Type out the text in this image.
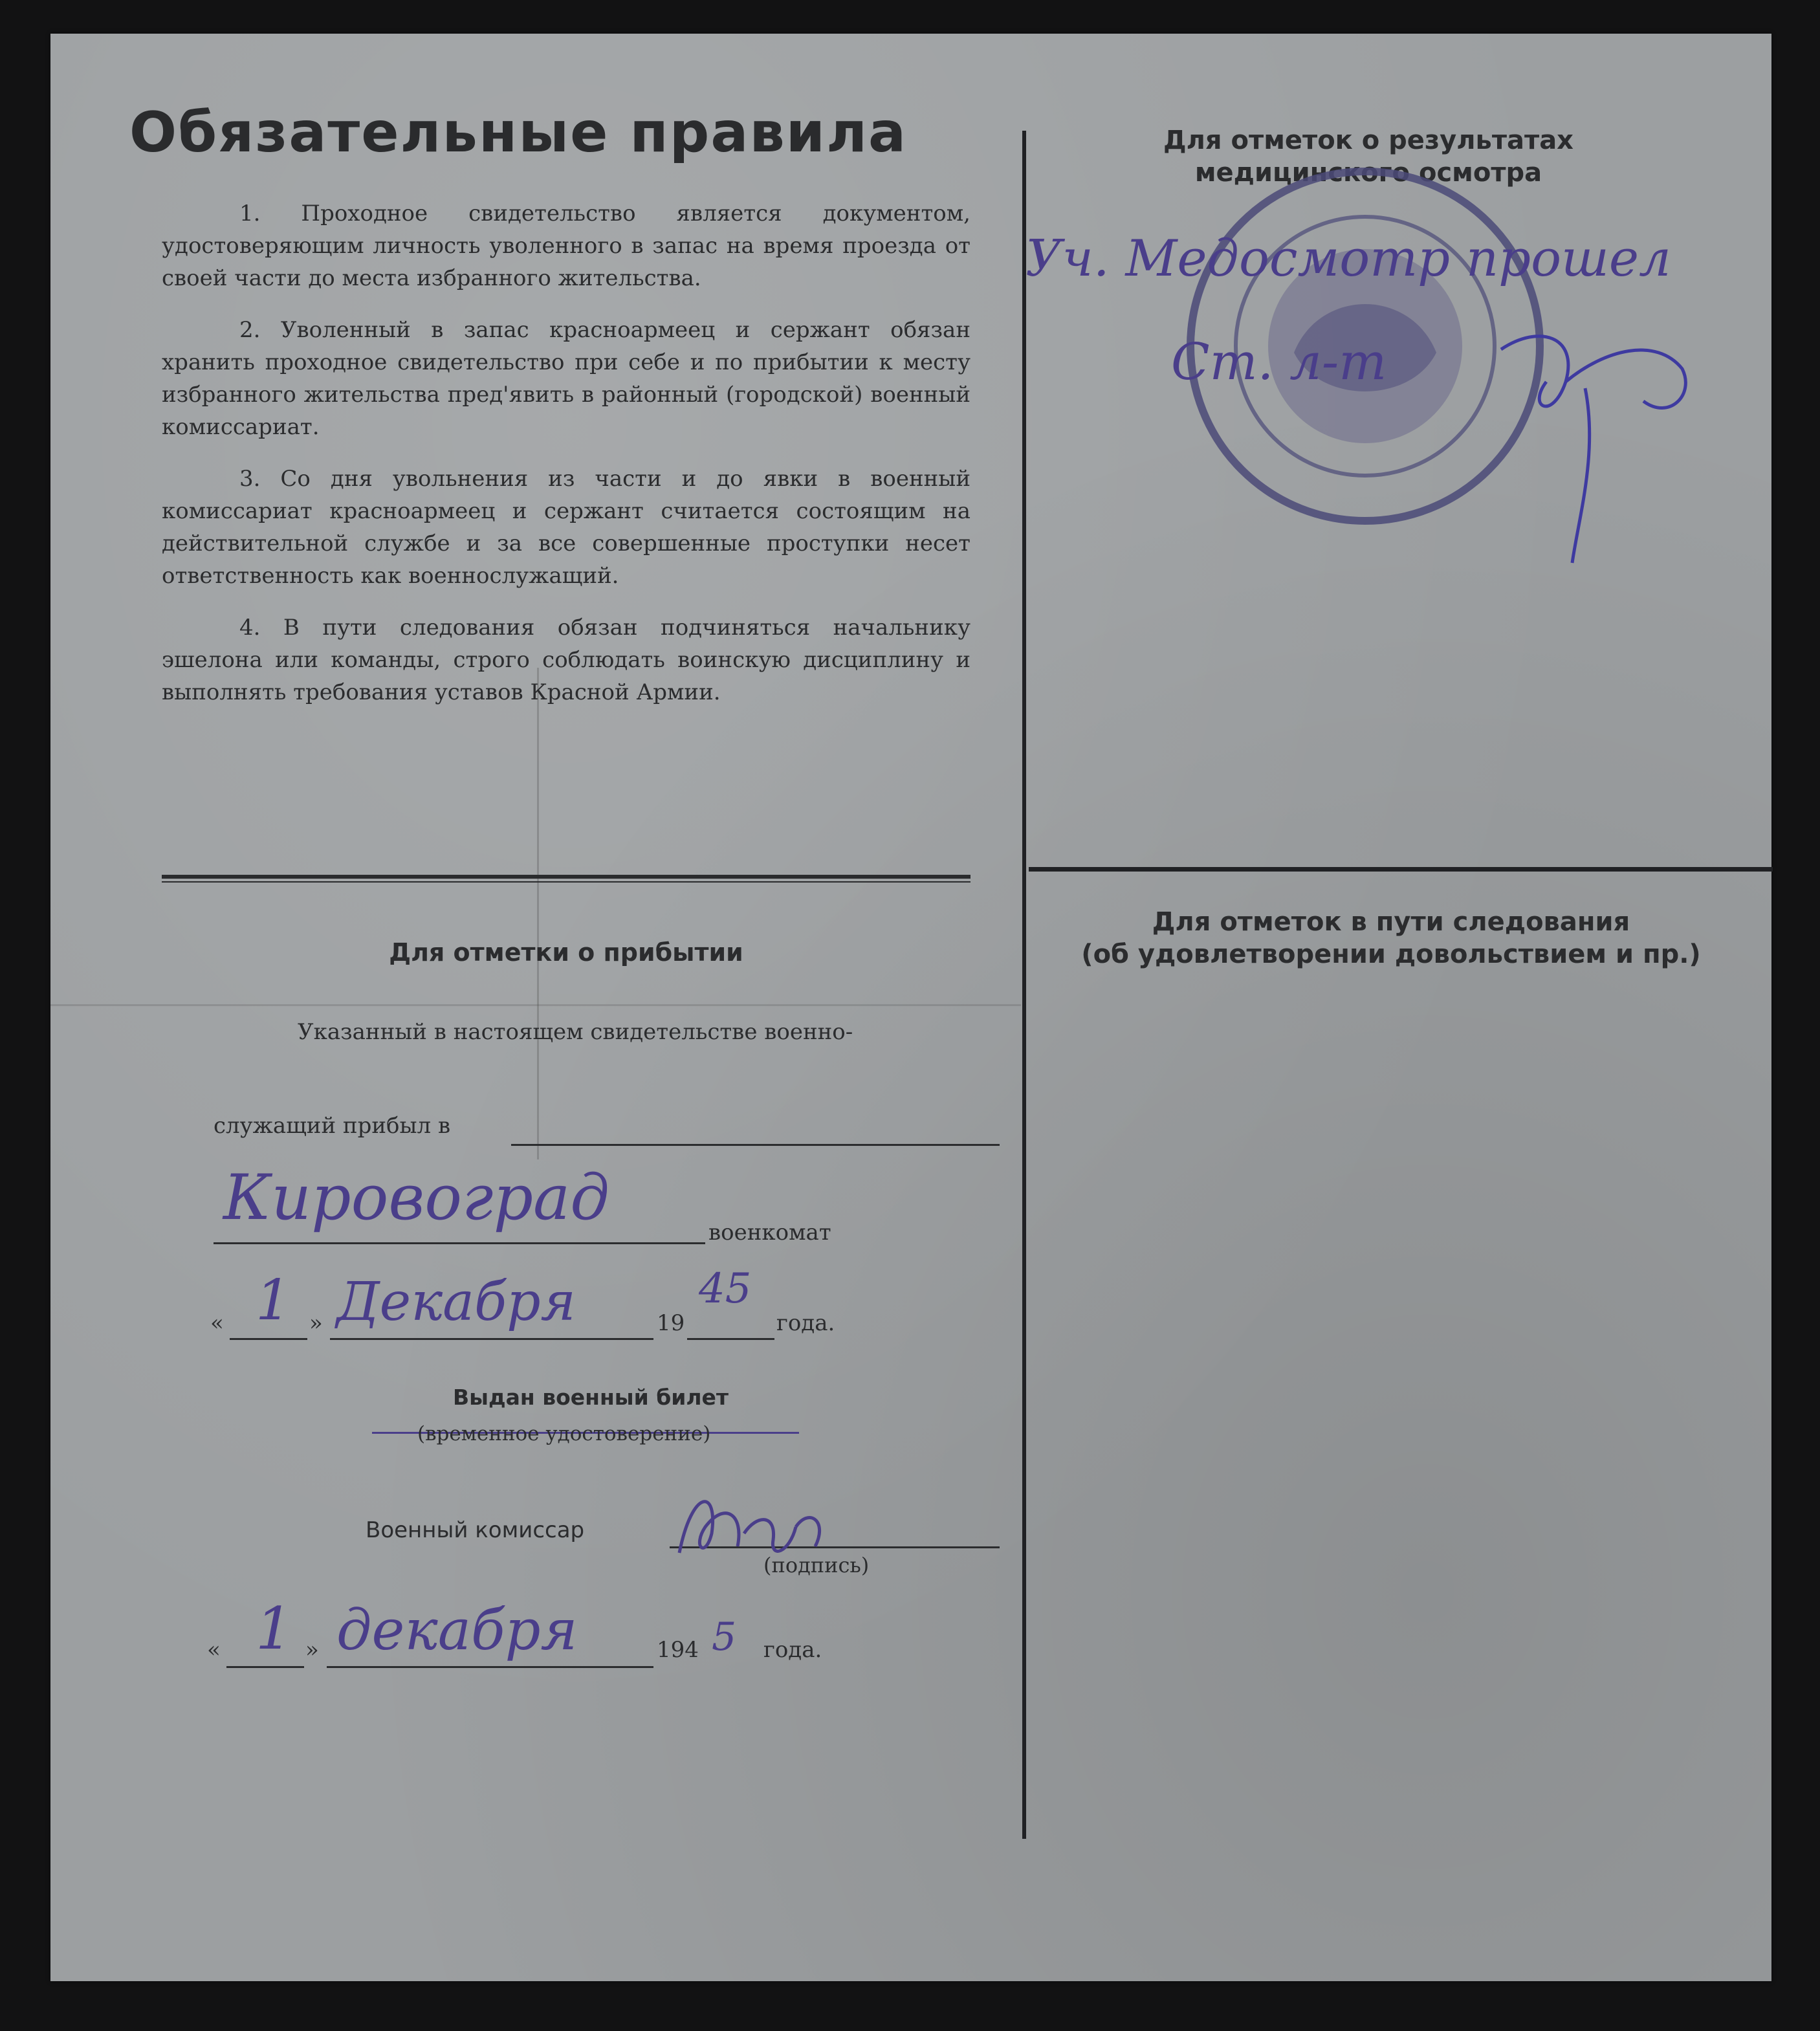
Обязательные правила

1. Проходное свидетельство является документом, удостоверяющим личность уволенного в запас на время проезда от своей части до места избранного жительства.

2. Уволенный в запас красноармеец и сержант обязан хранить проходное свидетельство при себе и по прибытии к месту избранного жительства пред'явить в районный (городской) военный комиссариат.

3. Со дня увольнения из части и до явки в военный комиссариат красноармеец и сержант считается состоящим на действительной службе и за все совершенные проступки несет ответственность как военнослужащий.

4. В пути следования обязан подчиняться начальнику эшелона или команды, строго соблюдать воинскую дисциплину и выполнять требования уставов Красной Армии.

Для отметки о прибытии
Указанный в настоящем свидетельстве военно-
служащий прибыл в
Кировоград	военкомат
« 1 » Декабря	19
45
года.
Выдан военный билет
(временное удостоверение)
Военный комиссар
(подпись)
« 1 » декабря	194 5 года.
Для отметок о результатах
медицинского осмотра
Уч. Медосмотр прошел
Ст. л-т
Для отметок в пути следования
(об удовлетворении довольствием и пр.)
